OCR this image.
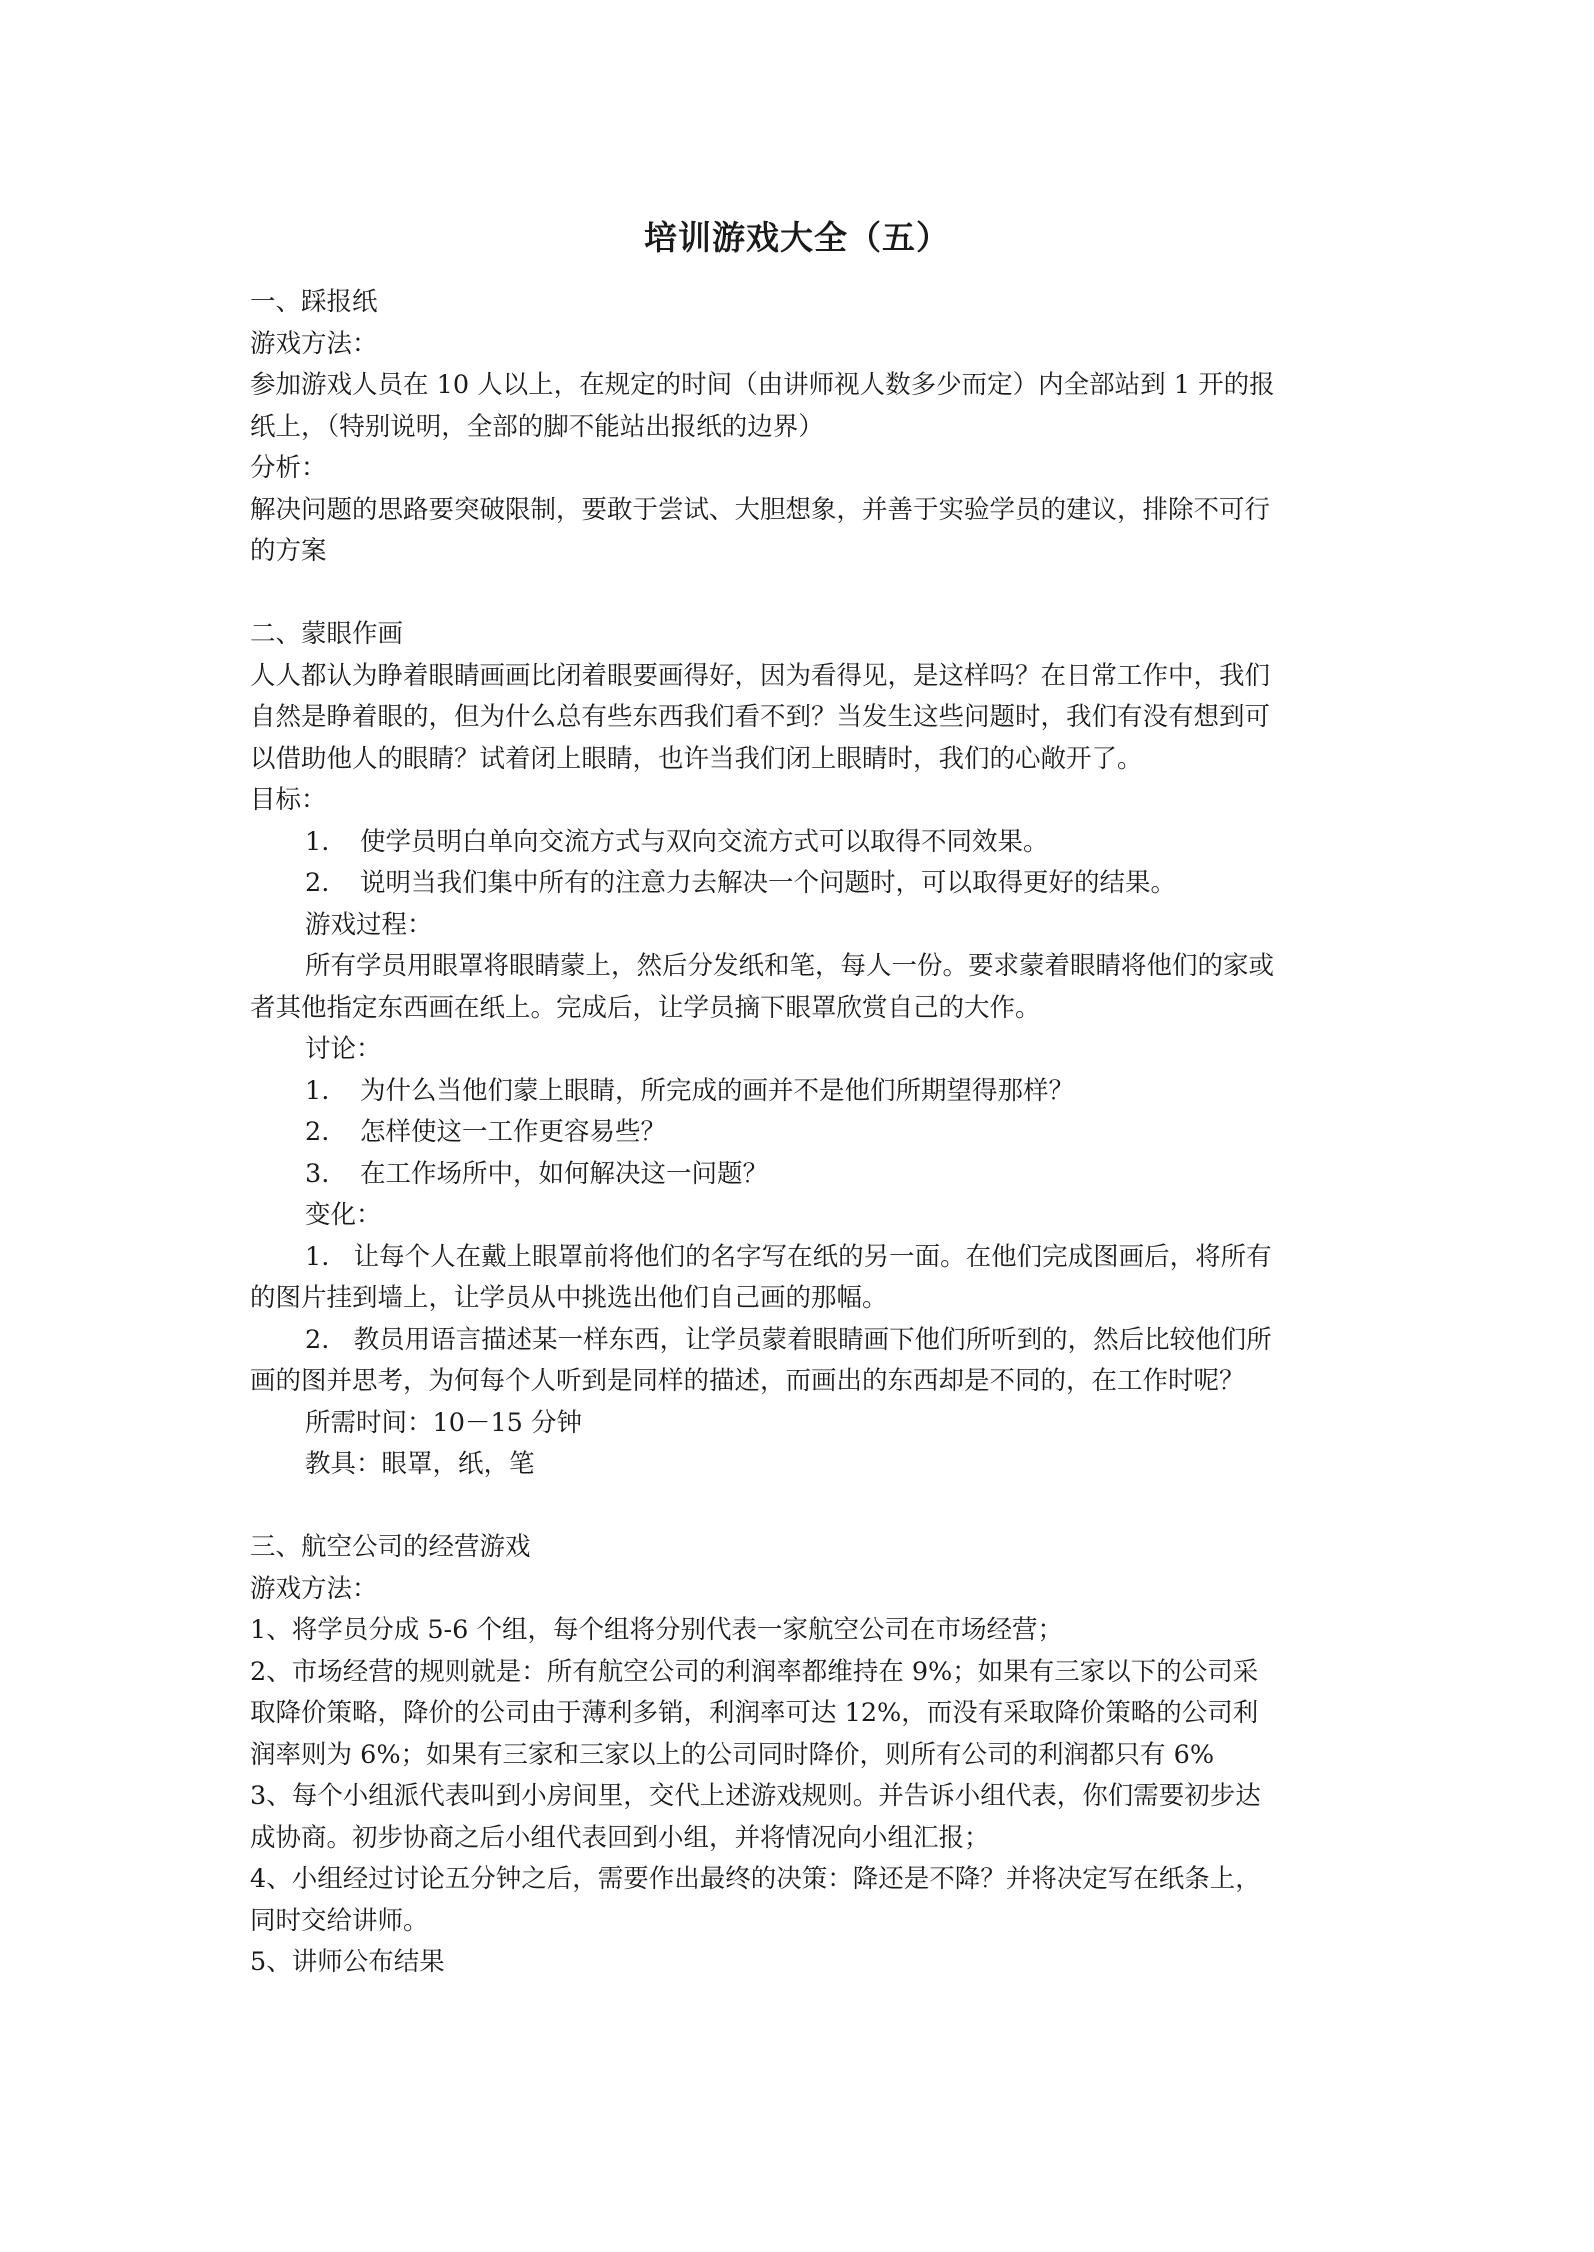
培训游戏大全（五）
一、踩报纸
游戏方法：
参加游戏人员在 10 人以上，在规定的时间（由讲师视人数多少而定）内全部站到 1 开的报
纸上，（特别说明，全部的脚不能站出报纸的边界）
分析：
解决问题的思路要突破限制，要敢于尝试、大胆想象，并善于实验学员的建议，排除不可行
的方案
二、蒙眼作画
人人都认为睁着眼睛画画比闭着眼要画得好，因为看得见，是这样吗？在日常工作中，我们
自然是睁着眼的，但为什么总有些东西我们看不到？当发生这些问题时，我们有没有想到可
以借助他人的眼睛？试着闭上眼睛，也许当我们闭上眼睛时，我们的心敞开了。
目标：
1. 使学员明白单向交流方式与双向交流方式可以取得不同效果。
2. 说明当我们集中所有的注意力去解决一个问题时，可以取得更好的结果。
游戏过程：
所有学员用眼罩将眼睛蒙上，然后分发纸和笔，每人一份。要求蒙着眼睛将他们的家或
者其他指定东西画在纸上。完成后，让学员摘下眼罩欣赏自己的大作。
讨论：
1. 为什么当他们蒙上眼睛，所完成的画并不是他们所期望得那样？
2. 怎样使这一工作更容易些？
3. 在工作场所中，如何解决这一问题？
变化：
1.   让每个人在戴上眼罩前将他们的名字写在纸的另一面。在他们完成图画后，将所有
的图片挂到墙上，让学员从中挑选出他们自己画的那幅。
2.   教员用语言描述某一样东西，让学员蒙着眼睛画下他们所听到的，然后比较他们所
画的图并思考，为何每个人听到是同样的描述，而画出的东西却是不同的，在工作时呢？
所需时间：10－15 分钟
教具：眼罩，纸，笔
三、航空公司的经营游戏
游戏方法：
1、将学员分成 5-6 个组，每个组将分别代表一家航空公司在市场经营；
2、市场经营的规则就是：所有航空公司的利润率都维持在 9%；如果有三家以下的公司采
取降价策略，降价的公司由于薄利多销，利润率可达 12%，而没有采取降价策略的公司利
润率则为 6%；如果有三家和三家以上的公司同时降价，则所有公司的利润都只有 6%
3、每个小组派代表叫到小房间里，交代上述游戏规则。并告诉小组代表，你们需要初步达
成协商。初步协商之后小组代表回到小组，并将情况向小组汇报；
4、小组经过讨论五分钟之后，需要作出最终的决策：降还是不降？并将决定写在纸条上，
同时交给讲师。
5、讲师公布结果
